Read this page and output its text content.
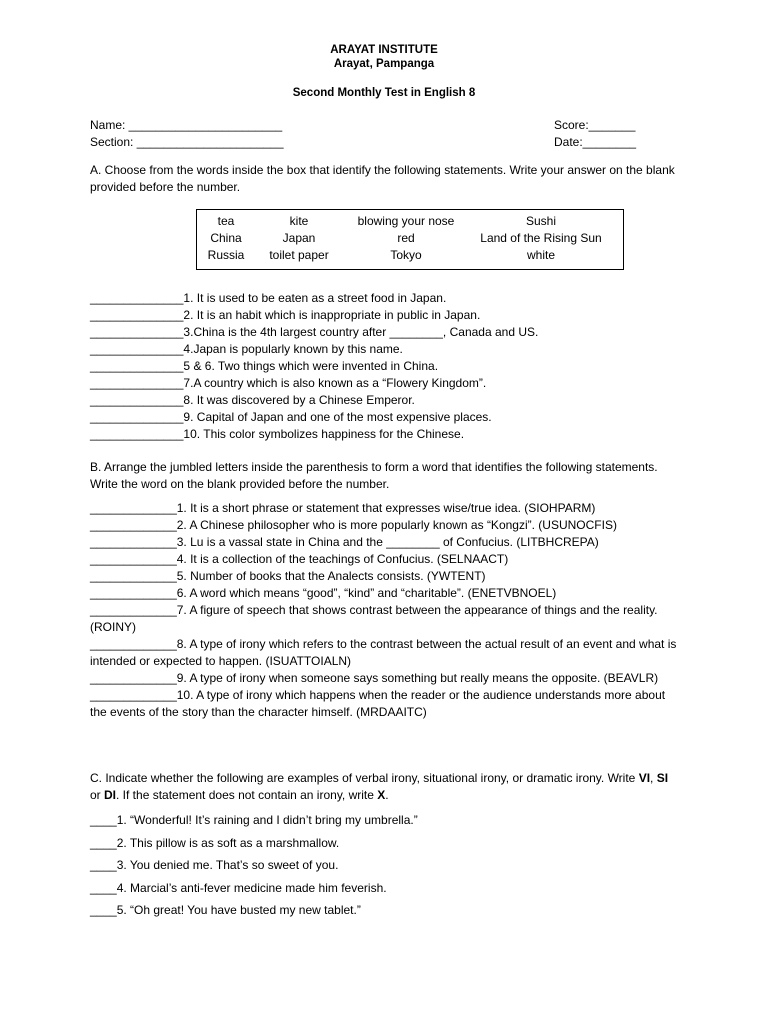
ARAYAT INSTITUTE
Arayat, Pampanga
Second Monthly Test in English 8
Name: _______________________
Section: ______________________
Score:_______
Date:________
A. Choose from the words inside the box that identify the following statements. Write your answer on the blank provided before the number.
tea	kite	blowing your nose	Sushi
China	Japan	red	Land of the Rising Sun
Russia	toilet paper	Tokyo	white
______________1. It is used to be eaten as a street food in Japan.
______________2. It is an habit which is inappropriate in public in Japan.
______________3.China is the 4th largest country after ________, Canada and US.
______________4.Japan is popularly known by this name.
______________5 & 6. Two things which were invented in China.
______________7.A country which is also known as a “Flowery Kingdom”.
______________8. It was discovered by a Chinese Emperor.
______________9. Capital of Japan and one of the most expensive places.
______________10. This color symbolizes happiness for the Chinese.
B. Arrange the jumbled letters inside the parenthesis to form a word that identifies the following statements. Write the word on the blank provided before the number.
_____________1. It is a short phrase or statement that expresses wise/true idea. (SIOHPARM)
_____________2. A Chinese philosopher who is more popularly known as “Kongzi”. (USUNOCFIS)
_____________3. Lu is a vassal state in China and the ________ of Confucius. (LITBHCREPA)
_____________4. It is a collection of the teachings of Confucius. (SELNAACT)
_____________5. Number of books that the Analects consists. (YWTENT)
_____________6. A word which means “good”, “kind” and “charitable”. (ENETVBNOEL)
_____________7. A figure of speech that shows contrast between the appearance of things and the reality. (ROINY)
_____________8. A type of irony which refers to the contrast between the actual result of an event and what is intended or expected to happen. (ISUATTOIALN)
_____________9. A type of irony when someone says something but really means the opposite. (BEAVLR)
_____________10. A type of irony which happens when the reader or the audience understands more about the events of the story than the character himself. (MRDAAITC)
C. Indicate whether the following are examples of verbal irony, situational irony, or dramatic irony. Write VI, SI or DI. If the statement does not contain an irony, write X.
____1. “Wonderful! It’s raining and I didn’t bring my umbrella.”
____2. This pillow is as soft as a marshmallow.
____3. You denied me. That’s so sweet of you.
____4. Marcial’s anti-fever medicine made him feverish.
____5. “Oh great! You have busted my new tablet.”
